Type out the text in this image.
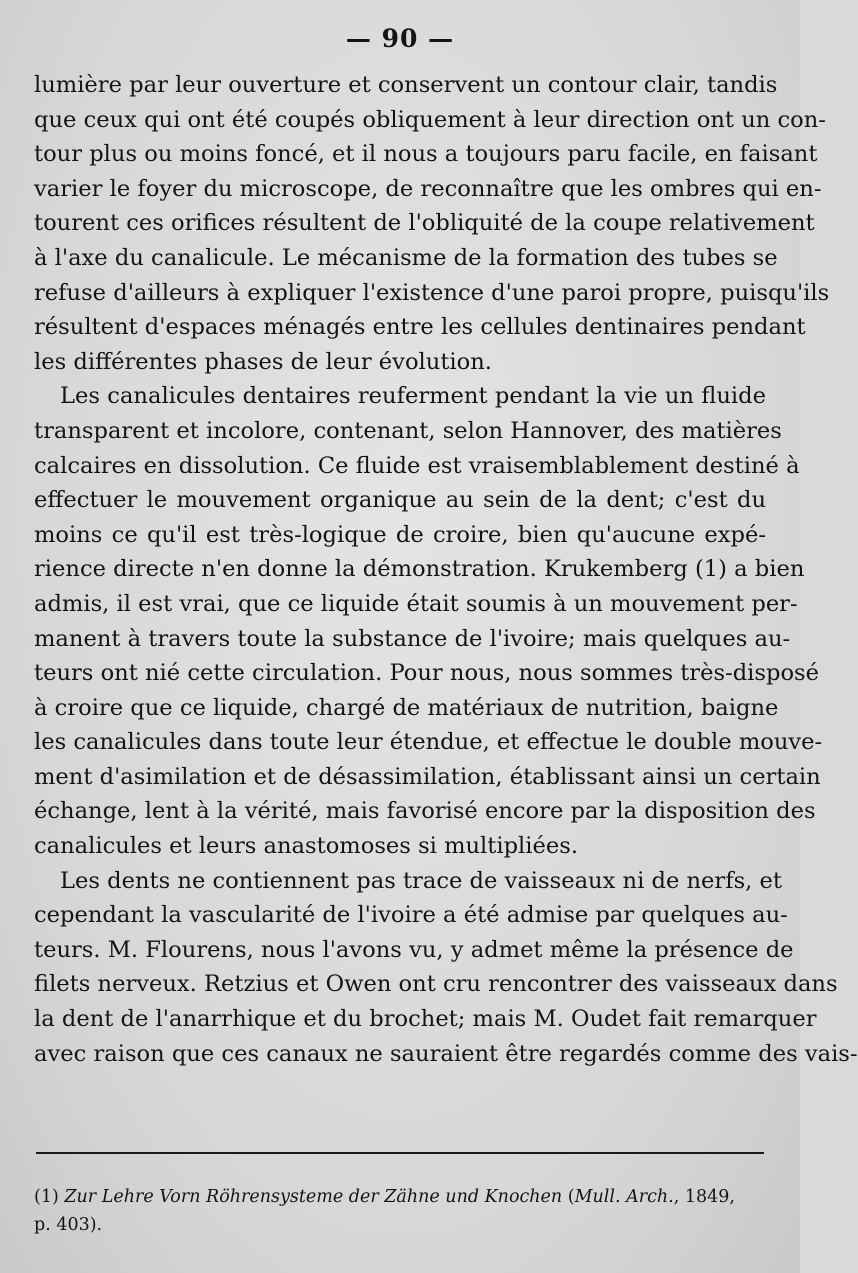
— 90 —
lumière par leur ouverture et conservent un contour clair, tandis
que ceux qui ont été coupés obliquement à leur direction ont un con-
tour plus ou moins foncé, et il nous a toujours paru facile, en faisant
varier le foyer du microscope, de reconnaître que les ombres qui en-
tourent ces orifices résultent de l'obliquité de la coupe relativement
à l'axe du canalicule. Le mécanisme de la formation des tubes se
refuse d'ailleurs à expliquer l'existence d'une paroi propre, puisqu'ils
résultent d'espaces ménagés entre les cellules dentinaires pendant
les différentes phases de leur évolution.
Les canalicules dentaires reuferment pendant la vie un fluide
transparent et incolore, contenant, selon Hannover, des matières
calcaires en dissolution. Ce fluide est vraisemblablement destiné à
effectuer le mouvement organique au sein de la dent; c'est du
moins ce qu'il est très-logique de croire, bien qu'aucune expé-
rience directe n'en donne la démonstration. Krukemberg (1) a bien
admis, il est vrai, que ce liquide était soumis à un mouvement per-
manent à travers toute la substance de l'ivoire; mais quelques au-
teurs ont nié cette circulation. Pour nous, nous sommes très-disposé
à croire que ce liquide, chargé de matériaux de nutrition, baigne
les canalicules dans toute leur étendue, et effectue le double mouve-
ment d'asimilation et de désassimilation, établissant ainsi un certain
échange, lent à la vérité, mais favorisé encore par la disposition des
canalicules et leurs anastomoses si multipliées.
Les dents ne contiennent pas trace de vaisseaux ni de nerfs, et
cependant la vascularité de l'ivoire a été admise par quelques au-
teurs. M. Flourens, nous l'avons vu, y admet même la présence de
filets nerveux. Retzius et Owen ont cru rencontrer des vaisseaux dans
la dent de l'anarrhique et du brochet; mais M. Oudet fait remarquer
avec raison que ces canaux ne sauraient être regardés comme des vais-
(1) Zur Lehre Vorn Röhrensysteme der Zähne und Knochen (Mull. Arch., 1849,
p. 403).
